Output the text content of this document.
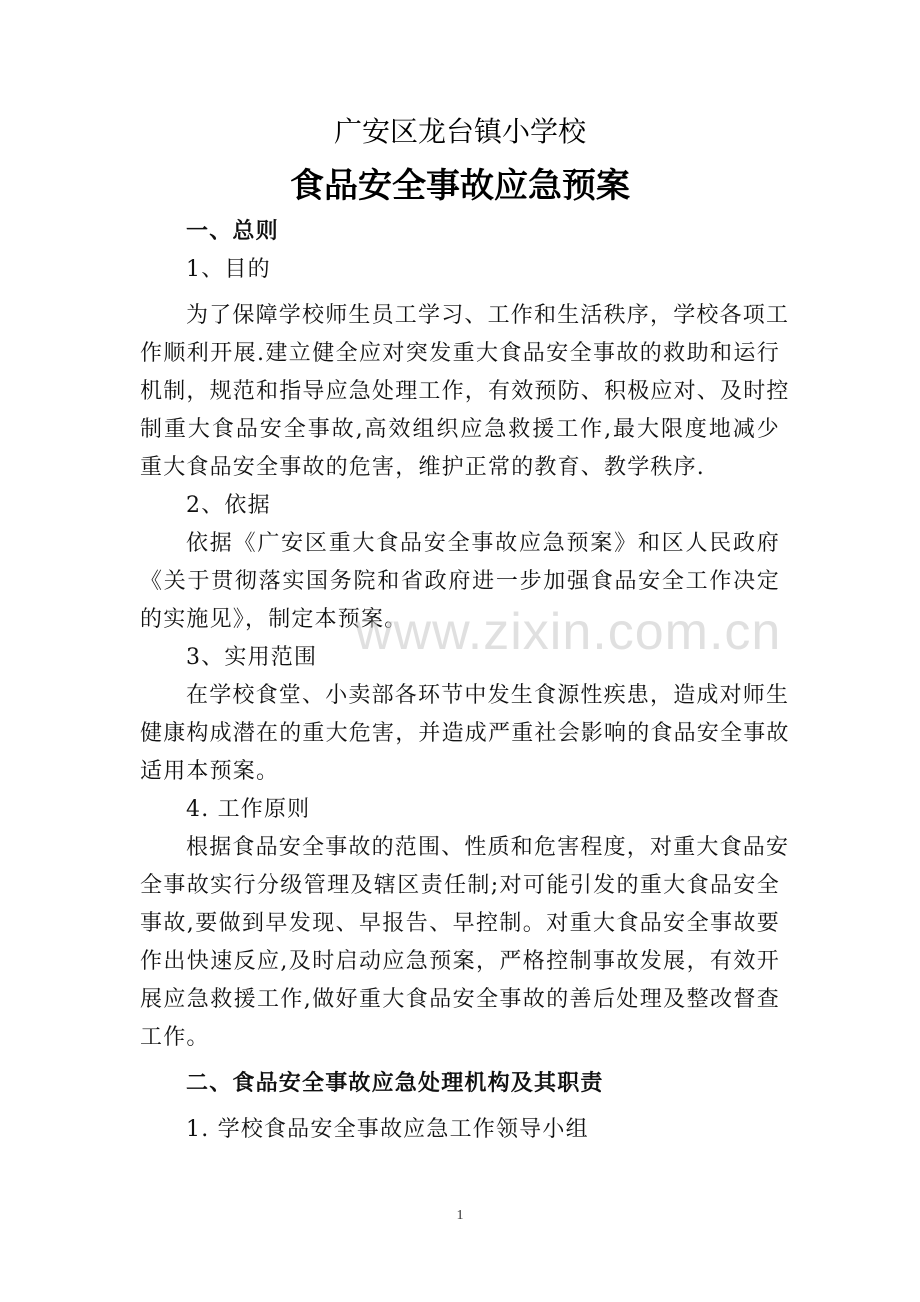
广安区龙台镇小学校
食品安全事故应急预案
一、总则
1、目的
为了保障学校师生员工学习、工作和生活秩序，学校各项工
作顺利开展.建立健全应对突发重大食品安全事故的救助和运行
机制，规范和指导应急处理工作，有效预防、积极应对、及时控
制重大食品安全事故,高效组织应急救援工作,最大限度地减少
重大食品安全事故的危害，维护正常的教育、教学秩序.
2、依据
依据《广安区重大食品安全事故应急预案》和区人民政府
《关于贯彻落实国务院和省政府进一步加强食品安全工作决定
的实施见》，制定本预案。
3、实用范围
在学校食堂、小卖部各环节中发生食源性疾患，造成对师生
健康构成潜在的重大危害，并造成严重社会影响的食品安全事故
适用本预案。
4. 工作原则
根据食品安全事故的范围、性质和危害程度，对重大食品安
全事故实行分级管理及辖区责任制;对可能引发的重大食品安全
事故,要做到早发现、早报告、早控制。对重大食品安全事故要
作出快速反应,及时启动应急预案，严格控制事故发展，有效开
展应急救援工作,做好重大食品安全事故的善后处理及整改督查
工作。
二、食品安全事故应急处理机构及其职责
1. 学校食品安全事故应急工作领导小组
www.zixin.com.cn
1
